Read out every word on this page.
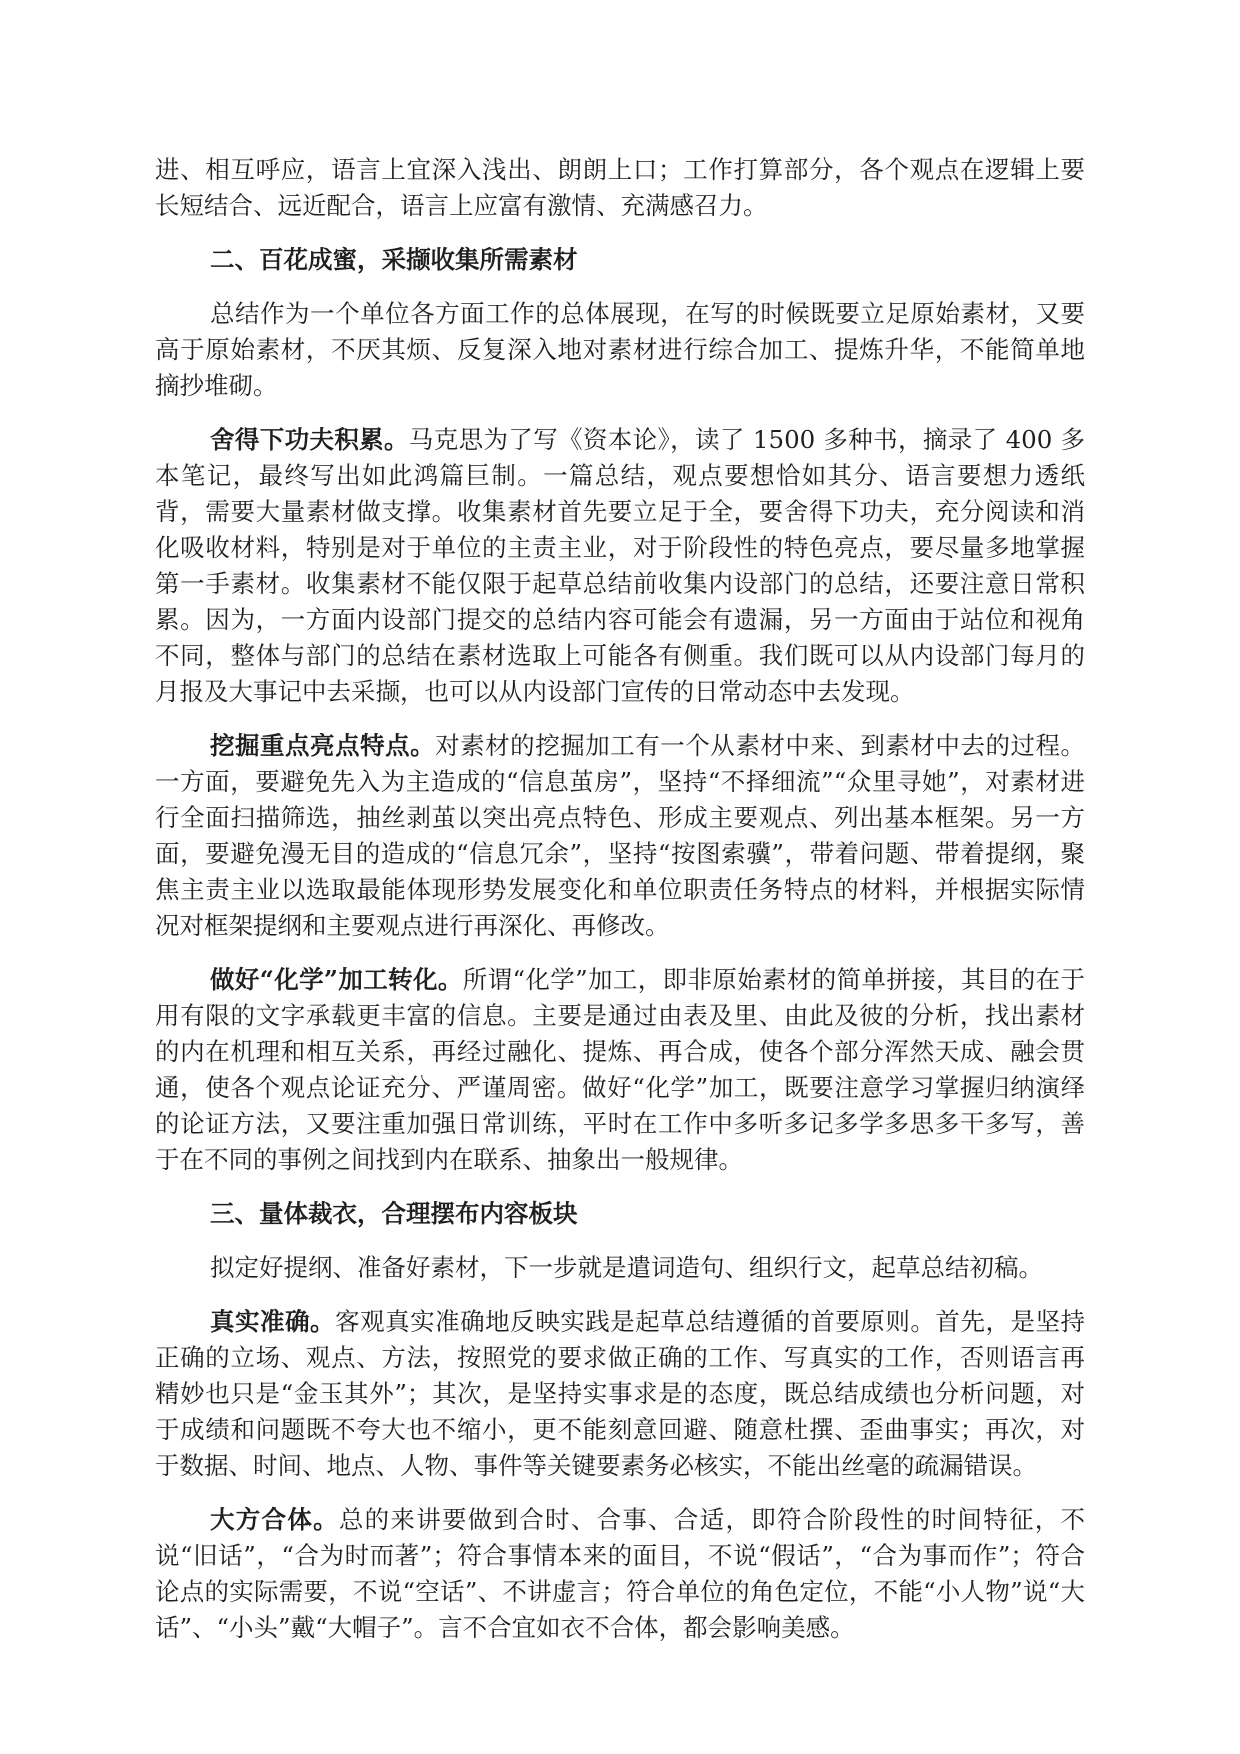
进、相互呼应，语言上宜深入浅出、朗朗上口；工作打算部分，各个观点在逻辑上要长短结合、远近配合，语言上应富有激情、充满感召力。

二、百花成蜜，采撷收集所需素材

总结作为一个单位各方面工作的总体展现，在写的时候既要立足原始素材，又要高于原始素材，不厌其烦、反复深入地对素材进行综合加工、提炼升华，不能简单地摘抄堆砌。

舍得下功夫积累。马克思为了写《资本论》，读了 1500 多种书，摘录了 400 多本笔记，最终写出如此鸿篇巨制。一篇总结，观点要想恰如其分、语言要想力透纸背，需要大量素材做支撑。收集素材首先要立足于全，要舍得下功夫，充分阅读和消化吸收材料，特别是对于单位的主责主业，对于阶段性的特色亮点，要尽量多地掌握第一手素材。收集素材不能仅限于起草总结前收集内设部门的总结，还要注意日常积累。因为，一方面内设部门提交的总结内容可能会有遗漏，另一方面由于站位和视角不同，整体与部门的总结在素材选取上可能各有侧重。我们既可以从内设部门每月的月报及大事记中去采撷，也可以从内设部门宣传的日常动态中去发现。

挖掘重点亮点特点。对素材的挖掘加工有一个从素材中来、到素材中去的过程。一方面，要避免先入为主造成的“信息茧房”，坚持“不择细流”“众里寻她”，对素材进行全面扫描筛选，抽丝剥茧以突出亮点特色、形成主要观点、列出基本框架。另一方面，要避免漫无目的造成的“信息冗余”，坚持“按图索骥”，带着问题、带着提纲，聚焦主责主业以选取最能体现形势发展变化和单位职责任务特点的材料，并根据实际情况对框架提纲和主要观点进行再深化、再修改。

做好“化学”加工转化。所谓“化学”加工，即非原始素材的简单拼接，其目的在于用有限的文字承载更丰富的信息。主要是通过由表及里、由此及彼的分析，找出素材的内在机理和相互关系，再经过融化、提炼、再合成，使各个部分浑然天成、融会贯通，使各个观点论证充分、严谨周密。做好“化学”加工，既要注意学习掌握归纳演绎的论证方法，又要注重加强日常训练，平时在工作中多听多记多学多思多干多写，善于在不同的事例之间找到内在联系、抽象出一般规律。

三、量体裁衣，合理摆布内容板块

拟定好提纲、准备好素材，下一步就是遣词造句、组织行文，起草总结初稿。

真实准确。客观真实准确地反映实践是起草总结遵循的首要原则。首先，是坚持正确的立场、观点、方法，按照党的要求做正确的工作、写真实的工作，否则语言再精妙也只是“金玉其外”；其次，是坚持实事求是的态度，既总结成绩也分析问题，对于成绩和问题既不夸大也不缩小，更不能刻意回避、随意杜撰、歪曲事实；再次，对于数据、时间、地点、人物、事件等关键要素务必核实，不能出丝毫的疏漏错误。

大方合体。总的来讲要做到合时、合事、合适，即符合阶段性的时间特征，不说“旧话”，“合为时而著”；符合事情本来的面目，不说“假话”，“合为事而作”；符合论点的实际需要，不说“空话”、不讲虚言；符合单位的角色定位，不能“小人物”说“大话”、“小头”戴“大帽子”。言不合宜如衣不合体，都会影响美感。
